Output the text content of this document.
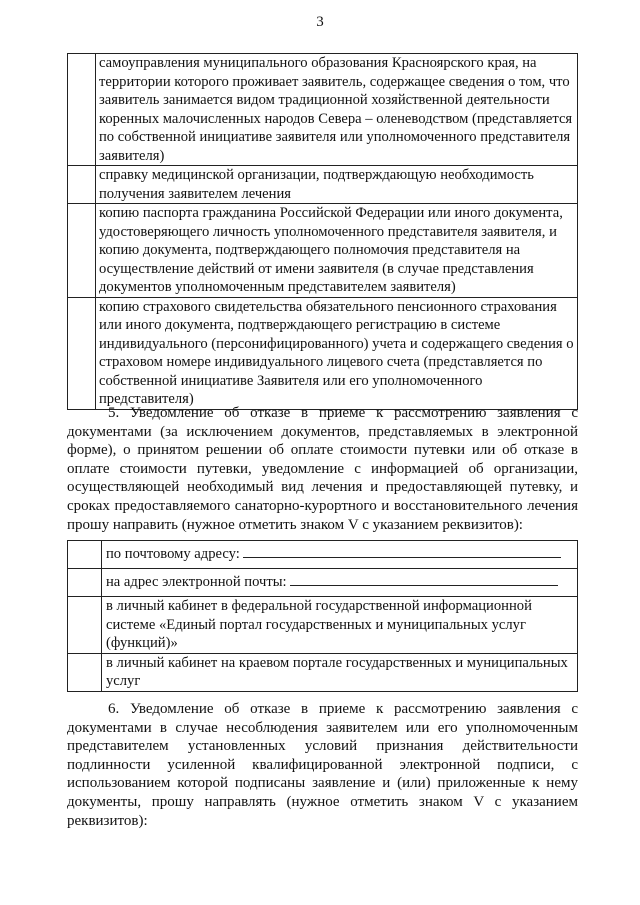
3
	самоуправления муниципального образования Красноярского края, на территории которого проживает заявитель, содержащее сведения о том, что заявитель занимается видом традиционной хозяйственной деятельности коренных малочисленных народов Севера – оленеводством (представляется по собственной инициативе заявителя или уполномоченного представителя заявителя)
	справку медицинской организации, подтверждающую необходимость получения заявителем лечения
	копию паспорта гражданина Российской Федерации или иного документа, удостоверяющего личность уполномоченного представителя заявителя, и копию документа, подтверждающего полномочия представителя на осуществление действий от имени заявителя (в случае представления документов уполномоченным представителем заявителя)
	копию страхового свидетельства обязательного пенсионного страхования или иного документа, подтверждающего регистрацию в системе индивидуального (персонифицированного) учета и содержащего сведения о страховом номере индивидуального лицевого счета (представляется по собственной инициативе Заявителя или его уполномоченного представителя)

5. Уведомление об отказе в приеме к рассмотрению заявления с документами (за исключением документов, представляемых в электронной форме), о принятом решении об оплате стоимости путевки или об отказе в оплате стоимости путевки, уведомление с информацией об организации, осуществляющей необходимый вид лечения и предоставляющей путевку, и сроках предоставляемого санаторно-курортного и восстановительного лечения прошу направить (нужное отметить знаком V с указанием реквизитов):

	по почтовому адресу:
	на адрес электронной почты:
	в личный кабинет в федеральной государственной информационной системе «Единый портал государственных и муниципальных услуг (функций)»
	в личный кабинет на краевом портале государственных и муниципальных услуг

6. Уведомление об отказе в приеме к рассмотрению заявления с документами в случае несоблюдения заявителем или его уполномоченным представителем установленных условий признания действительности подлинности усиленной квалифицированной электронной подписи, с использованием которой подписаны заявление и (или) приложенные к нему документы, прошу направлять (нужное отметить знаком V с указанием реквизитов):
